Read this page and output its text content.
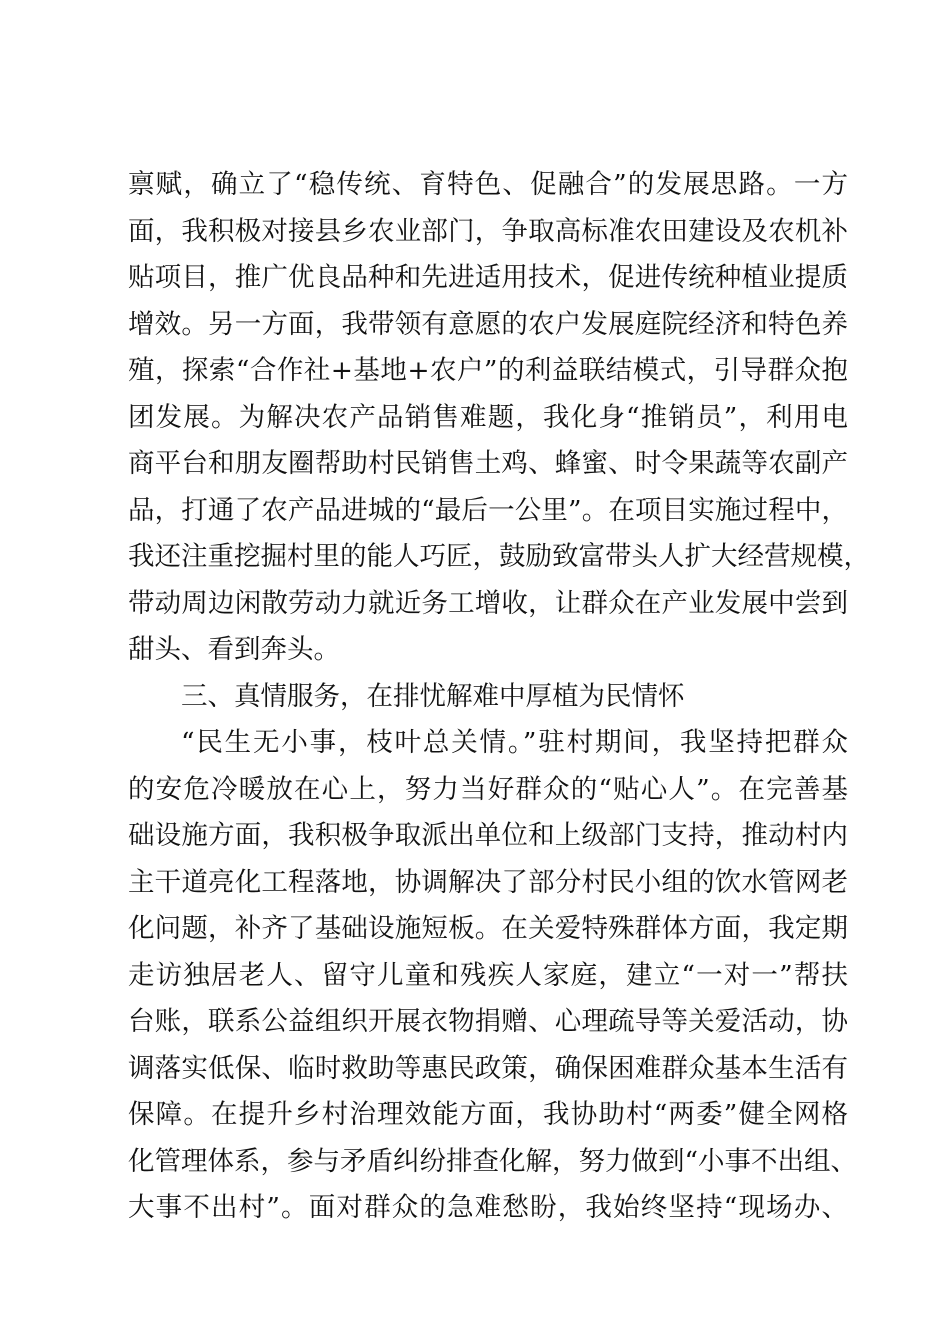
禀赋，确立了“稳传统、育特色、促融合”的发展思路。一方
面，我积极对接县乡农业部门，争取高标准农田建设及农机补
贴项目，推广优良品种和先进适用技术，促进传统种植业提质
增效。另一方面，我带领有意愿的农户发展庭院经济和特色养
殖，探索“合作社+基地+农户”的利益联结模式，引导群众抱
团发展。为解决农产品销售难题，我化身“推销员”，利用电
商平台和朋友圈帮助村民销售土鸡、蜂蜜、时令果蔬等农副产
品，打通了农产品进城的“最后一公里”。在项目实施过程中，
我还注重挖掘村里的能人巧匠，鼓励致富带头人扩大经营规模，
带动周边闲散劳动力就近务工增收，让群众在产业发展中尝到
甜头、看到奔头。
三、真情服务，在排忧解难中厚植为民情怀
“民生无小事，枝叶总关情。”驻村期间，我坚持把群众
的安危冷暖放在心上，努力当好群众的“贴心人”。在完善基
础设施方面，我积极争取派出单位和上级部门支持，推动村内
主干道亮化工程落地，协调解决了部分村民小组的饮水管网老
化问题，补齐了基础设施短板。在关爱特殊群体方面，我定期
走访独居老人、留守儿童和残疾人家庭，建立“一对一”帮扶
台账，联系公益组织开展衣物捐赠、心理疏导等关爱活动，协
调落实低保、临时救助等惠民政策，确保困难群众基本生活有
保障。在提升乡村治理效能方面，我协助村“两委”健全网格
化管理体系，参与矛盾纠纷排查化解，努力做到“小事不出组、
大事不出村”。面对群众的急难愁盼，我始终坚持“现场办、
